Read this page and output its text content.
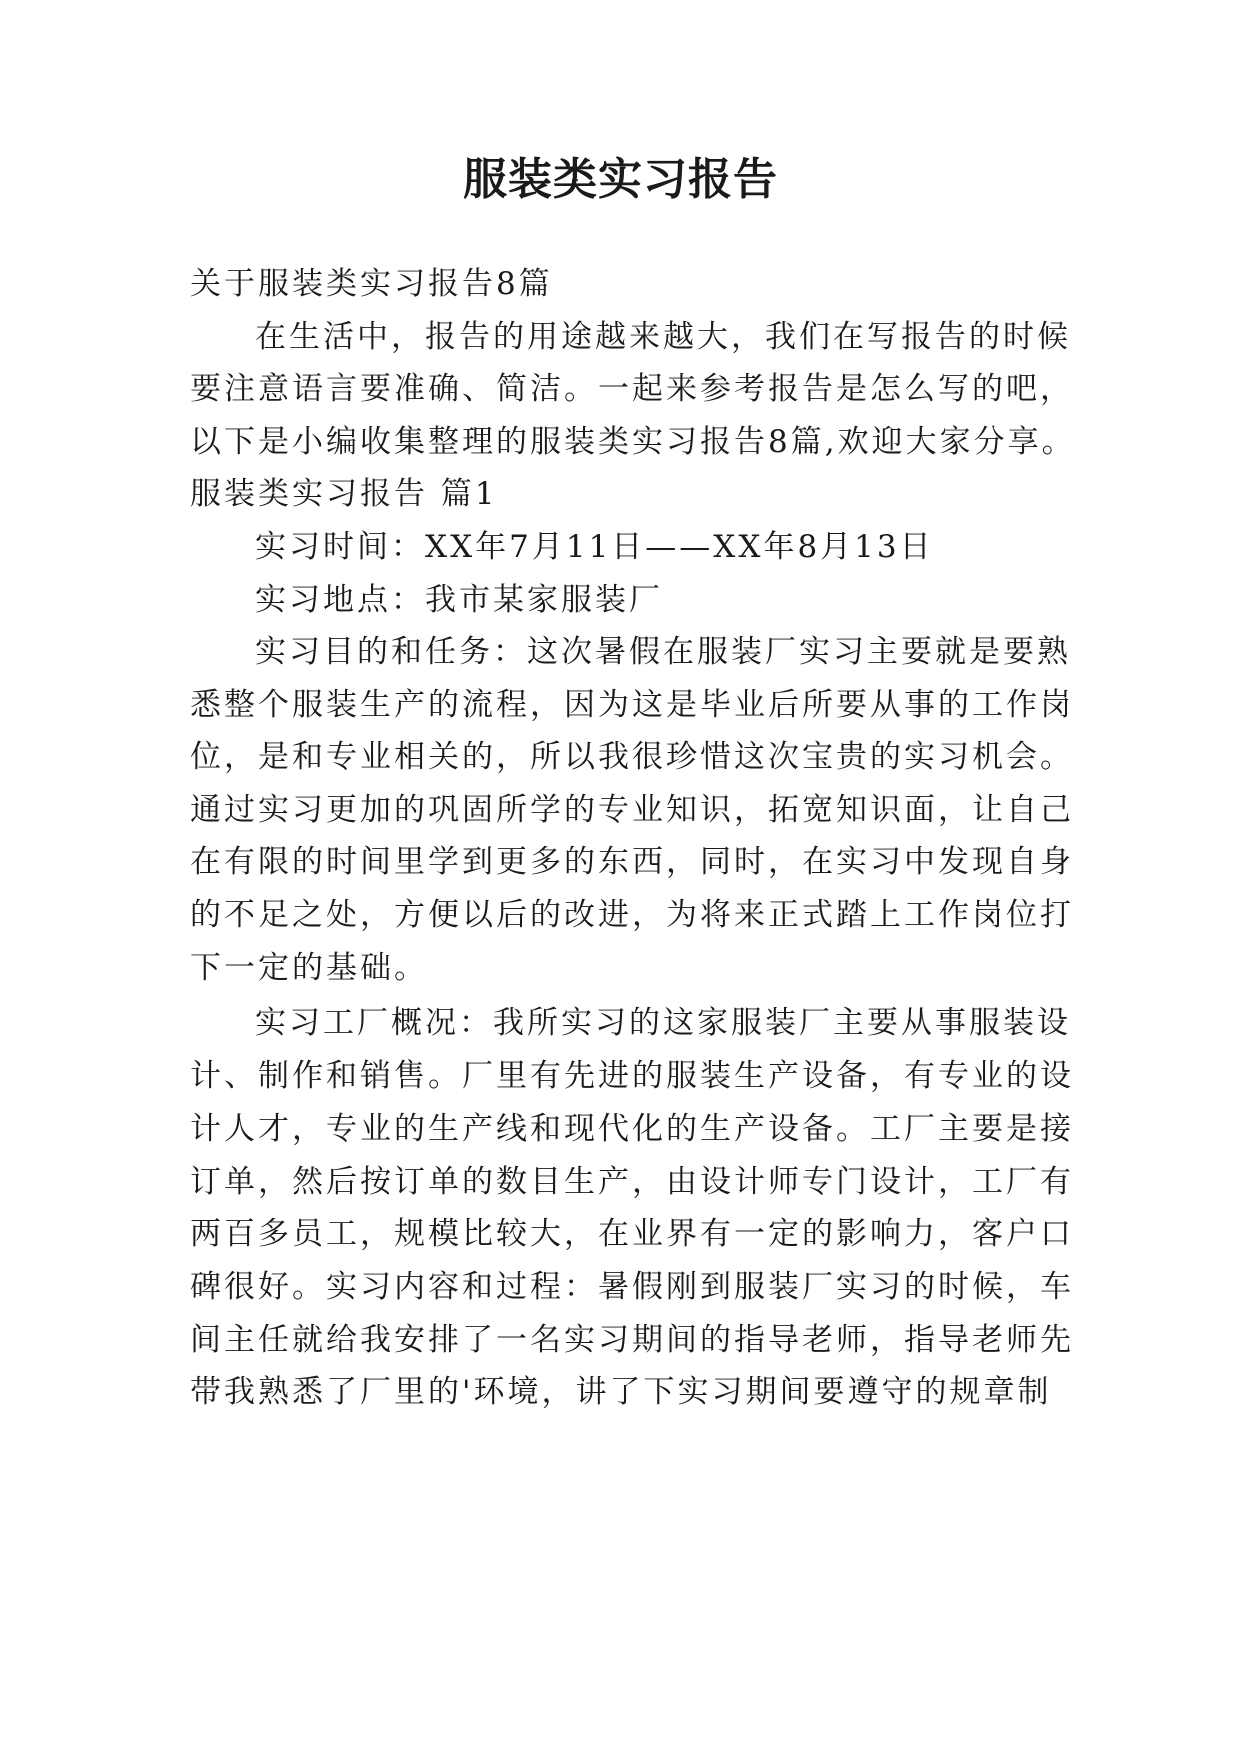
服装类实习报告
关于服装类实习报告8篇
在生活中，报告的用途越来越大，我们在写报告的时候
要注意语言要准确、简洁。一起来参考报告是怎么写的吧，
以下是小编收集整理的服装类实习报告8篇,欢迎大家分享。
服装类实习报告 篇1
实习时间：XX年7月11日——XX年8月13日
实习地点：我市某家服装厂
实习目的和任务：这次暑假在服装厂实习主要就是要熟
悉整个服装生产的流程，因为这是毕业后所要从事的工作岗
位，是和专业相关的，所以我很珍惜这次宝贵的实习机会。
通过实习更加的巩固所学的专业知识，拓宽知识面，让自己
在有限的时间里学到更多的东西，同时，在实习中发现自身
的不足之处，方便以后的改进，为将来正式踏上工作岗位打
下一定的基础。
实习工厂概况：我所实习的这家服装厂主要从事服装设
计、制作和销售。厂里有先进的服装生产设备，有专业的设
计人才，专业的生产线和现代化的生产设备。工厂主要是接
订单，然后按订单的数目生产，由设计师专门设计，工厂有
两百多员工，规模比较大，在业界有一定的影响力，客户口
碑很好。实习内容和过程：暑假刚到服装厂实习的时候，车
间主任就给我安排了一名实习期间的指导老师，指导老师先
带我熟悉了厂里的'环境，讲了下实习期间要遵守的规章制
